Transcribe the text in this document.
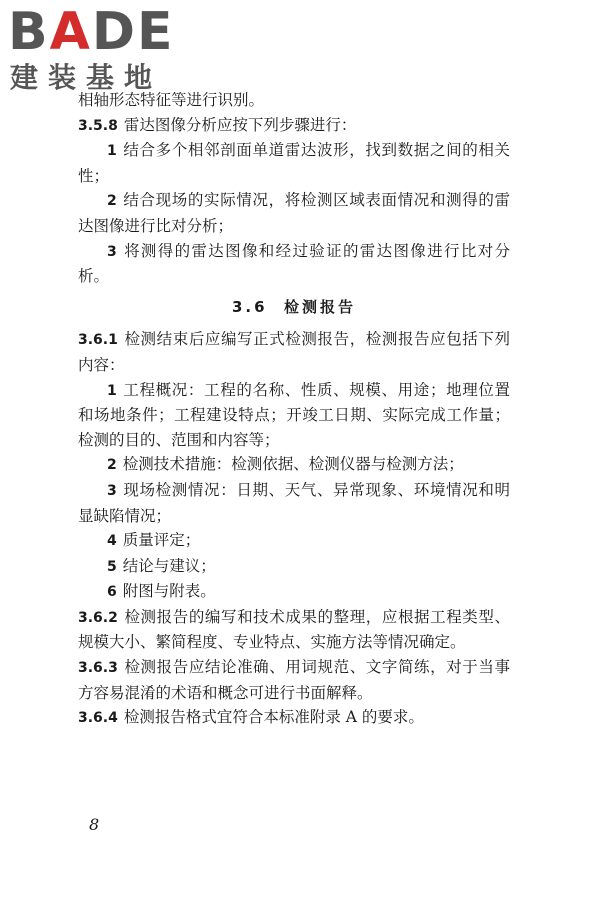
BADE
建装基地

相轴形态特征等进行识别。

3.5.8 雷达图像分析应按下列步骤进行：

1 结合多个相邻剖面单道雷达波形，找到数据之间的相关性；

2 结合现场的实际情况，将检测区域表面情况和测得的雷达图像进行比对分析；

3 将测得的雷达图像和经过验证的雷达图像进行比对分析。

3.6 检测报告

3.6.1 检测结束后应编写正式检测报告，检测报告应包括下列内容：

1 工程概况：工程的名称、性质、规模、用途；地理位置和场地条件；工程建设特点；开竣工日期、实际完成工作量；检测的目的、范围和内容等；

2 检测技术措施：检测依据、检测仪器与检测方法；

3 现场检测情况：日期、天气、异常现象、环境情况和明显缺陷情况；

4 质量评定；

5 结论与建议；

6 附图与附表。

3.6.2 检测报告的编写和技术成果的整理，应根据工程类型、规模大小、繁简程度、专业特点、实施方法等情况确定。

3.6.3 检测报告应结论准确、用词规范、文字简练，对于当事方容易混淆的术语和概念可进行书面解释。

3.6.4 检测报告格式宜符合本标准附录 A 的要求。

8
